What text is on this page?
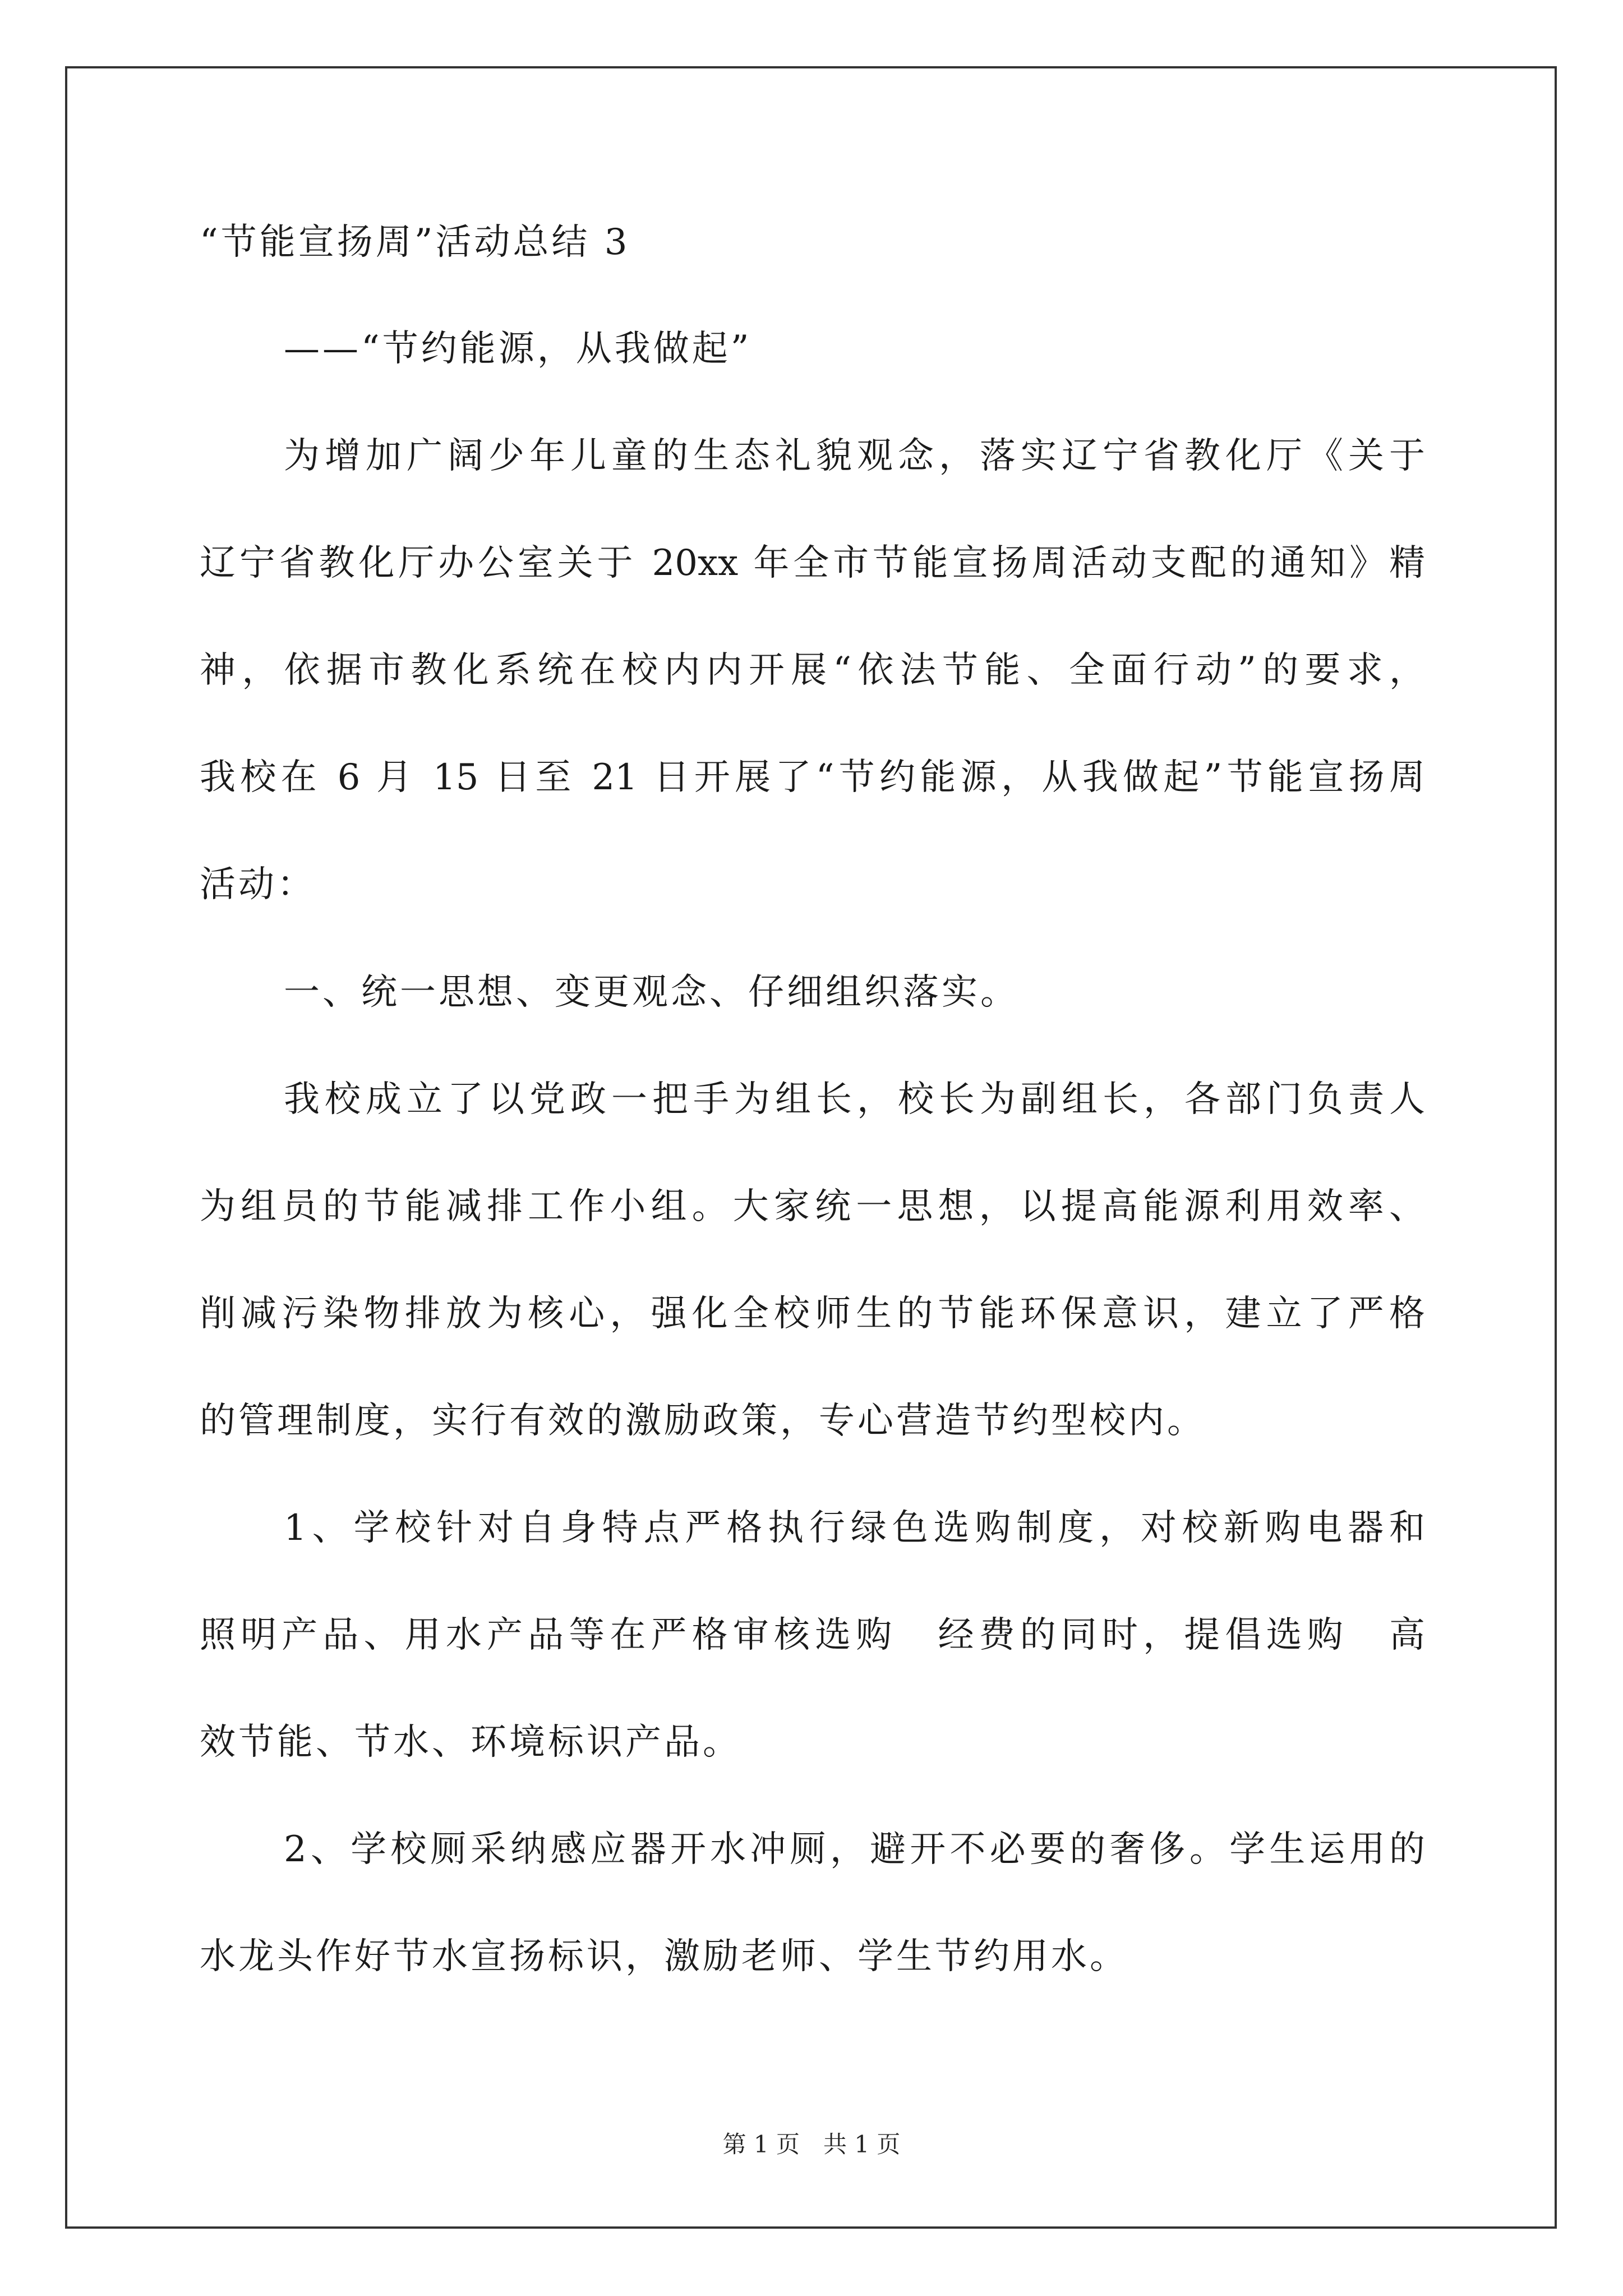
“节能宣扬周”活动总结 3
——“节约能源，从我做起”
为增加广阔少年儿童的生态礼貌观念，落实辽宁省教化厅《关于
辽宁省教化厅办公室关于 20xx 年全市节能宣扬周活动支配的通知》精
神，依据市教化系统在校内内开展“依法节能、全面行动”的要求，
我校在 6 月 15 日至 21 日开展了“节约能源，从我做起”节能宣扬周
活动：
一、统一思想、变更观念、仔细组织落实。
我校成立了以党政一把手为组长，校长为副组长，各部门负责人
为组员的节能减排工作小组。大家统一思想，以提高能源利用效率、
削减污染物排放为核心，强化全校师生的节能环保意识，建立了严格
的管理制度，实行有效的激励政策，专心营造节约型校内。
1、学校针对自身特点严格执行绿色选购制度，对校新购电器和
照明产品、用水产品等在严格审核选购　经费的同时，提倡选购　高
效节能、节水、环境标识产品。
2、学校厕采纳感应器开水冲厕，避开不必要的奢侈。学生运用的
水龙头作好节水宣扬标识，激励老师、学生节约用水。
第 1 页　共 1 页
